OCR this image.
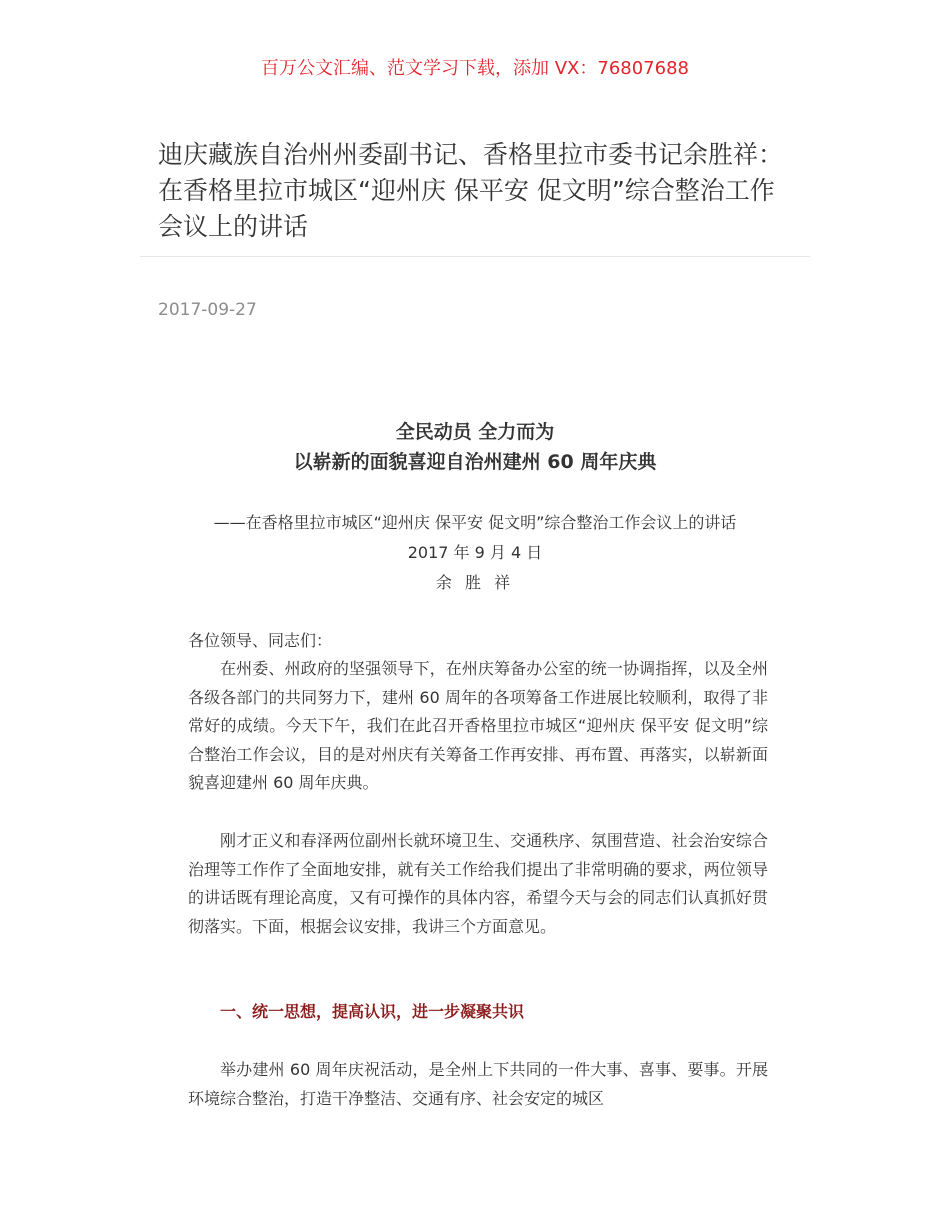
百万公文汇编、范文学习下载，添加 VX：76807688
迪庆藏族自治州州委副书记、香格里拉市委书记余胜祥：在香格里拉市城区“迎州庆 保平安 促文明”综合整治工作会议上的讲话
2017-09-27
全民动员 全力而为
以崭新的面貌喜迎自治州建州 60 周年庆典
——在香格里拉市城区“迎州庆 保平安 促文明”综合整治工作会议上的讲话
2017 年 9 月 4 日
余 胜 祥

各位领导、同志们：

在州委、州政府的坚强领导下，在州庆筹备办公室的统一协调指挥，以及全州各级各部门的共同努力下，建州 60 周年的各项筹备工作进展比较顺利，取得了非常好的成绩。今天下午，我们在此召开香格里拉市城区“迎州庆 保平安 促文明”综合整治工作会议，目的是对州庆有关筹备工作再安排、再布置、再落实，以崭新面貌喜迎建州 60 周年庆典。

刚才正义和春泽两位副州长就环境卫生、交通秩序、氛围营造、社会治安综合治理等工作作了全面地安排，就有关工作给我们提出了非常明确的要求，两位领导的讲话既有理论高度，又有可操作的具体内容，希望今天与会的同志们认真抓好贯彻落实。下面，根据会议安排，我讲三个方面意见。

一、统一思想，提高认识，进一步凝聚共识

举办建州 60 周年庆祝活动，是全州上下共同的一件大事、喜事、要事。开展环境综合整治，打造干净整洁、交通有序、社会安定的城区
